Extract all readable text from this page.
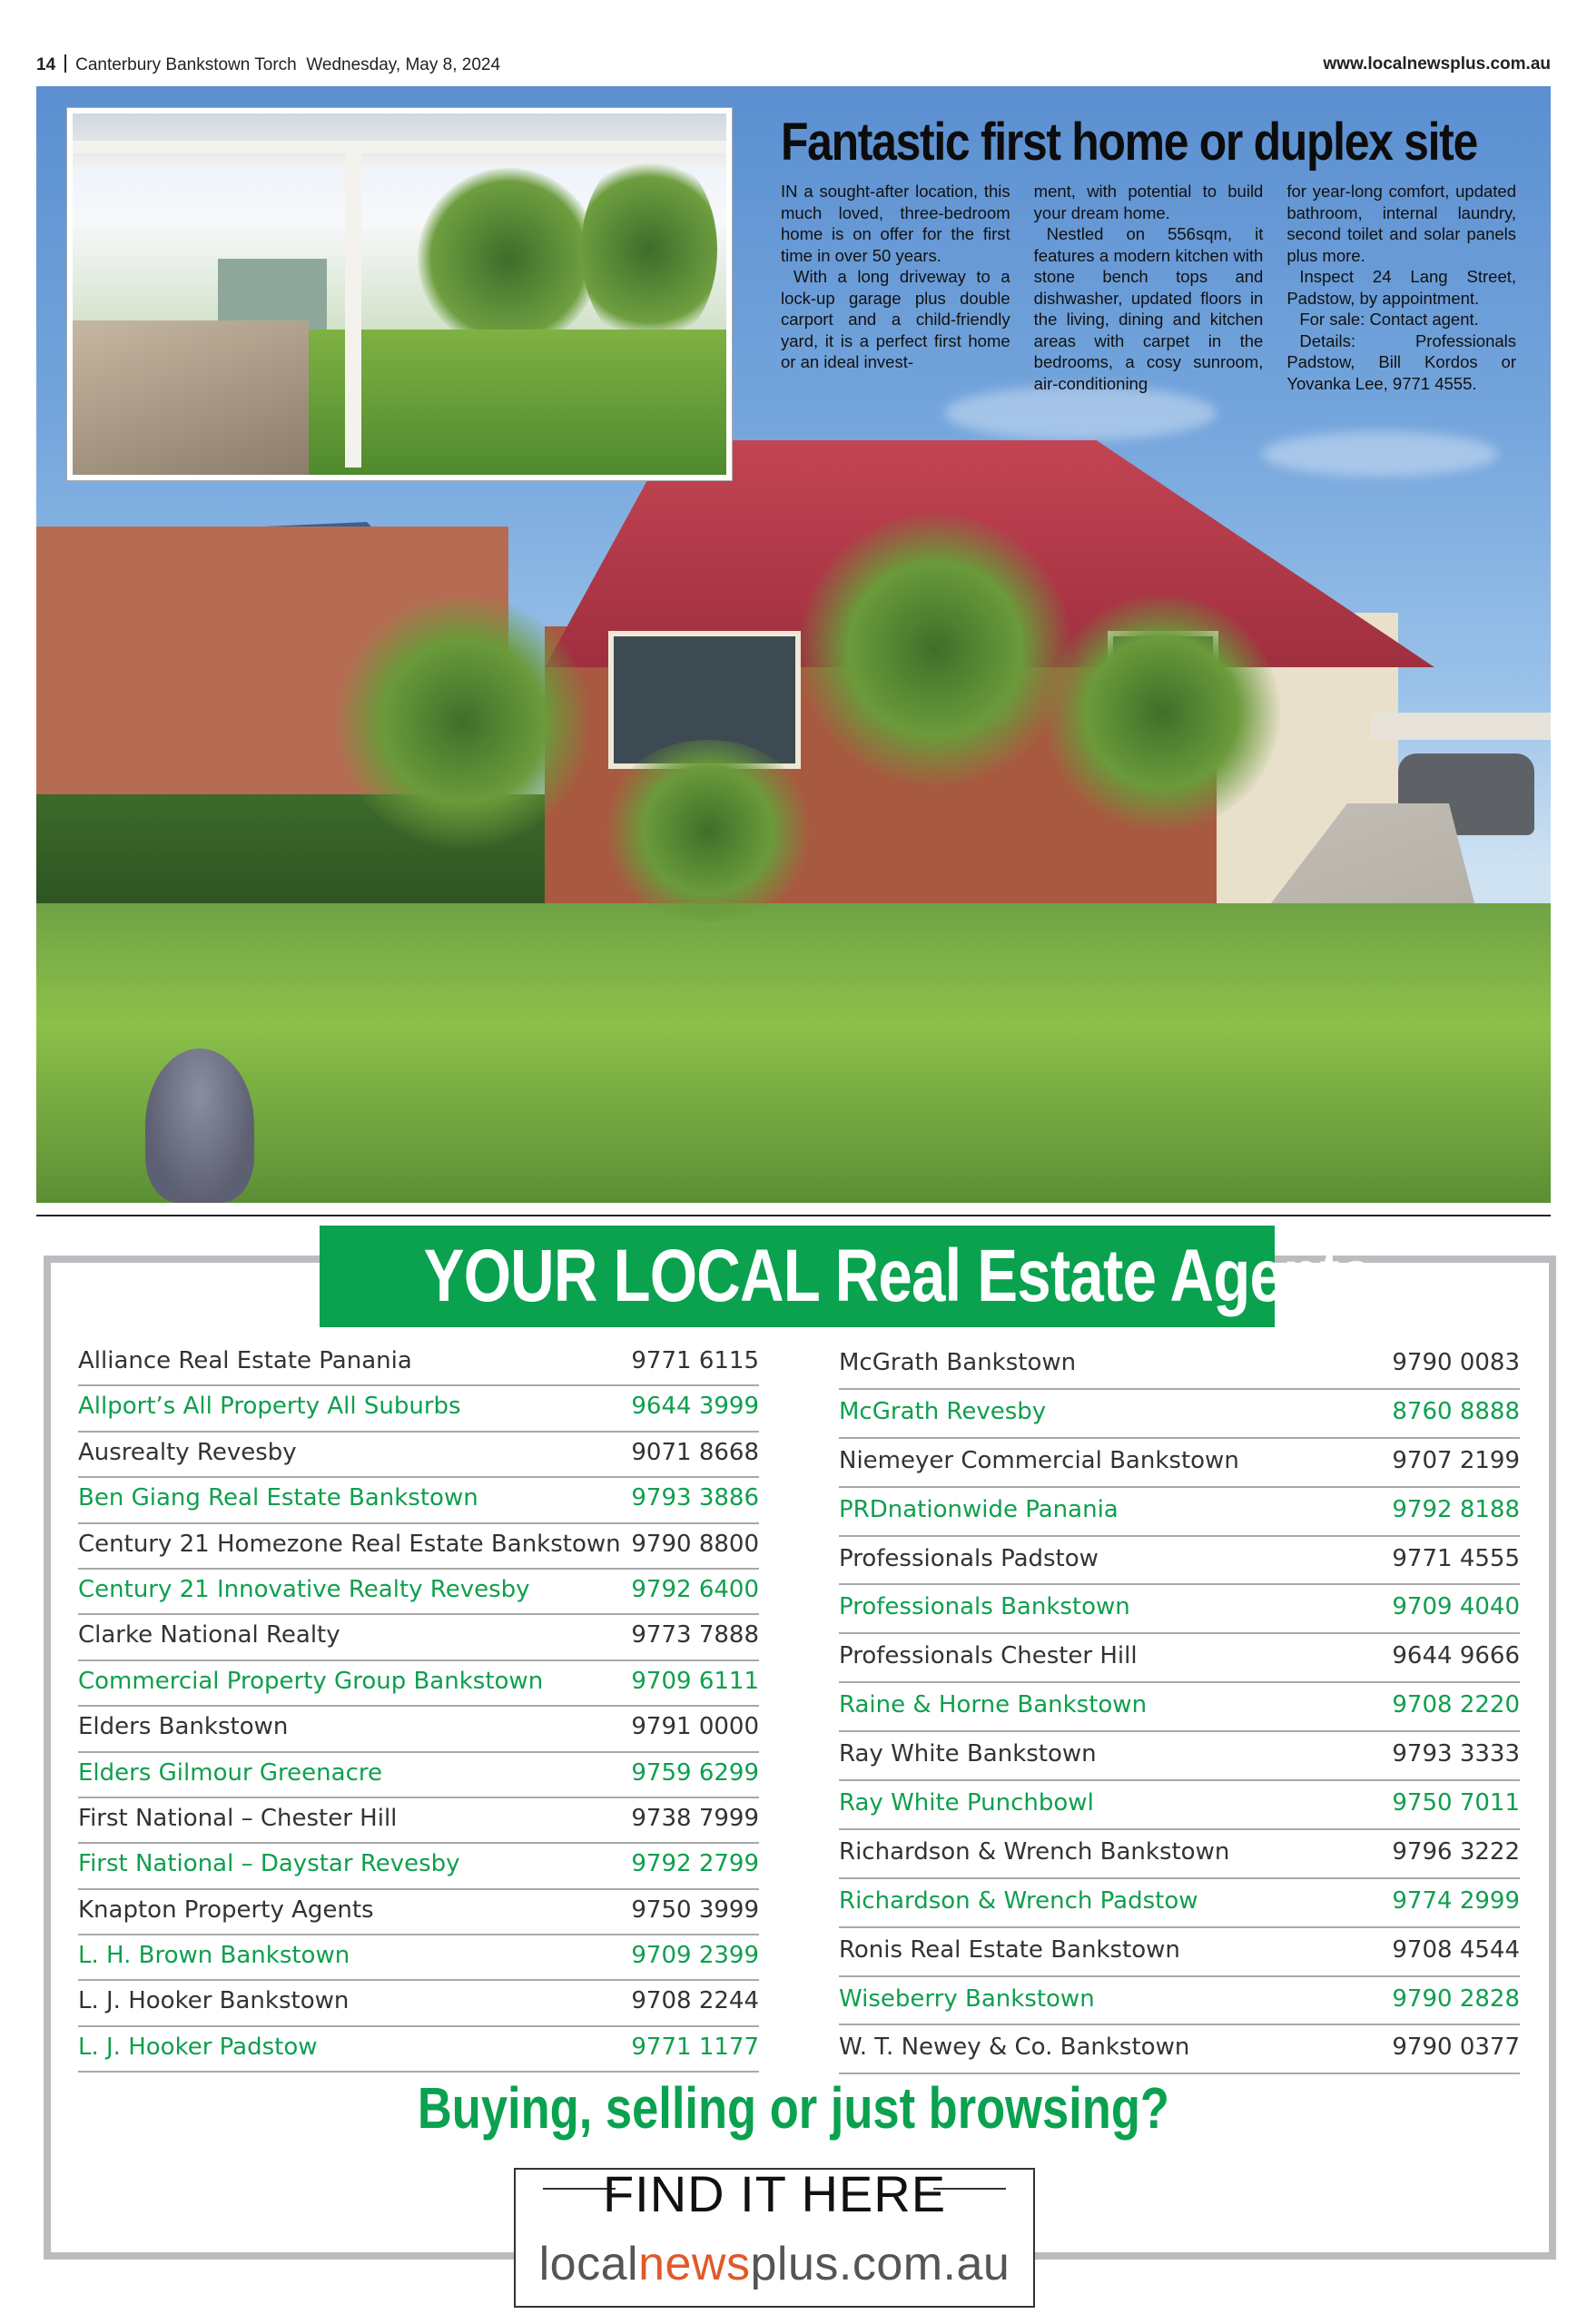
14 Canterbury Bankstown Torch Wednesday, May 8, 2024	www.localnewsplus.com.au
Fantastic first home or duplex site

IN a sought-after location, this much loved, three-bedroom home is on offer for the first time in over 50 years.

With a long driveway to a lock-up garage plus double carport and a child-friendly yard, it is a perfect first home or an ideal invest-

ment, with potential to build your dream home.

Nestled on 556sqm, it features a modern kitchen with stone bench tops and dishwasher, updated floors in the living, dining and kitchen areas with carpet in the bedrooms, a cosy sunroom, air-conditioning

for year-long comfort, updated bathroom, internal laundry, second toilet and solar panels plus more.

Inspect 24 Lang Street, Padstow, by appointment.

For sale: Contact agent.

Details: Professionals Padstow, Bill Kordos or Yovanka Lee, 9771 4555.

YOUR LOCAL Real Estate Agents
Alliance Real Estate Panania	9771 6115
Allport’s All Property All Suburbs	9644 3999
Ausrealty Revesby	9071 8668
Ben Giang Real Estate Bankstown	9793 3886
Century 21 Homezone Real Estate Bankstown 9790 8800
Century 21 Innovative Realty Revesby	9792 6400
Clarke National Realty	9773 7888
Commercial Property Group Bankstown	9709 6111
Elders Bankstown	9791 0000
Elders Gilmour Greenacre	9759 6299
First National – Chester Hill	9738 7999
First National – Daystar Revesby	9792 2799
Knapton Property Agents	9750 3999
L. H. Brown Bankstown	9709 2399
L. J. Hooker Bankstown	9708 2244
L. J. Hooker Padstow	9771 1177
McGrath Bankstown	9790 0083
McGrath Revesby	8760 8888
Niemeyer Commercial Bankstown	9707 2199
PRDnationwide Panania	9792 8188
Professionals Padstow	9771 4555
Professionals Bankstown	9709 4040
Professionals Chester Hill	9644 9666
Raine & Horne Bankstown	9708 2220
Ray White Bankstown	9793 3333
Ray White Punchbowl	9750 7011
Richardson & Wrench Bankstown	9796 3222
Richardson & Wrench Padstow	9774 2999
Ronis Real Estate Bankstown	9708 4544
Wiseberry Bankstown	9790 2828
W. T. Newey & Co. Bankstown	9790 0377
Buying, selling or just browsing?
FIND IT HERE
localnewsplus.com.au
